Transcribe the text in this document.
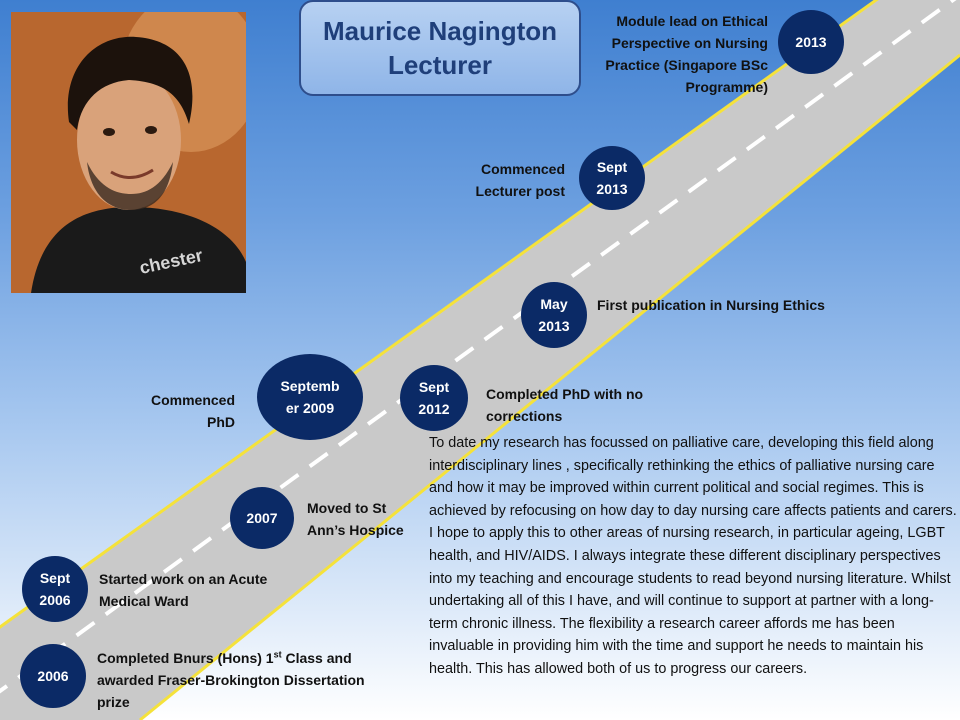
chester
Maurice Nagington
Lecturer
2006
Completed Bnurs (Hons) 1st Class and awarded Fraser-Brokington Dissertation prize
Sept 2006
Started work on an Acute Medical Ward
2007
Moved to St Ann’s Hospice
Septemb er 2009
Commenced PhD
Sept 2012
Completed PhD with no corrections
May 2013
First publication in Nursing Ethics
Sept 2013
Commenced Lecturer post
2013
Module lead on Ethical Perspective on Nursing Practice (Singapore BSc Programme)
To date my research has focussed on palliative care, developing this field along interdisciplinary lines , specifically rethinking the ethics of palliative nursing care and how it may be improved within current political and social regimes. This is achieved by refocusing on how day to day nursing care affects patients and carers. I hope to apply this to other areas of nursing research, in particular ageing, LGBT health, and HIV/AIDS. I always integrate these different disciplinary perspectives into my teaching and encourage students to read beyond nursing literature. Whilst undertaking all of this I have, and will continue to support at partner with a long-term chronic illness. The flexibility a research career affords me has been invaluable in providing him with the time and support he needs to maintain his health. This has allowed both of us to progress our careers.
